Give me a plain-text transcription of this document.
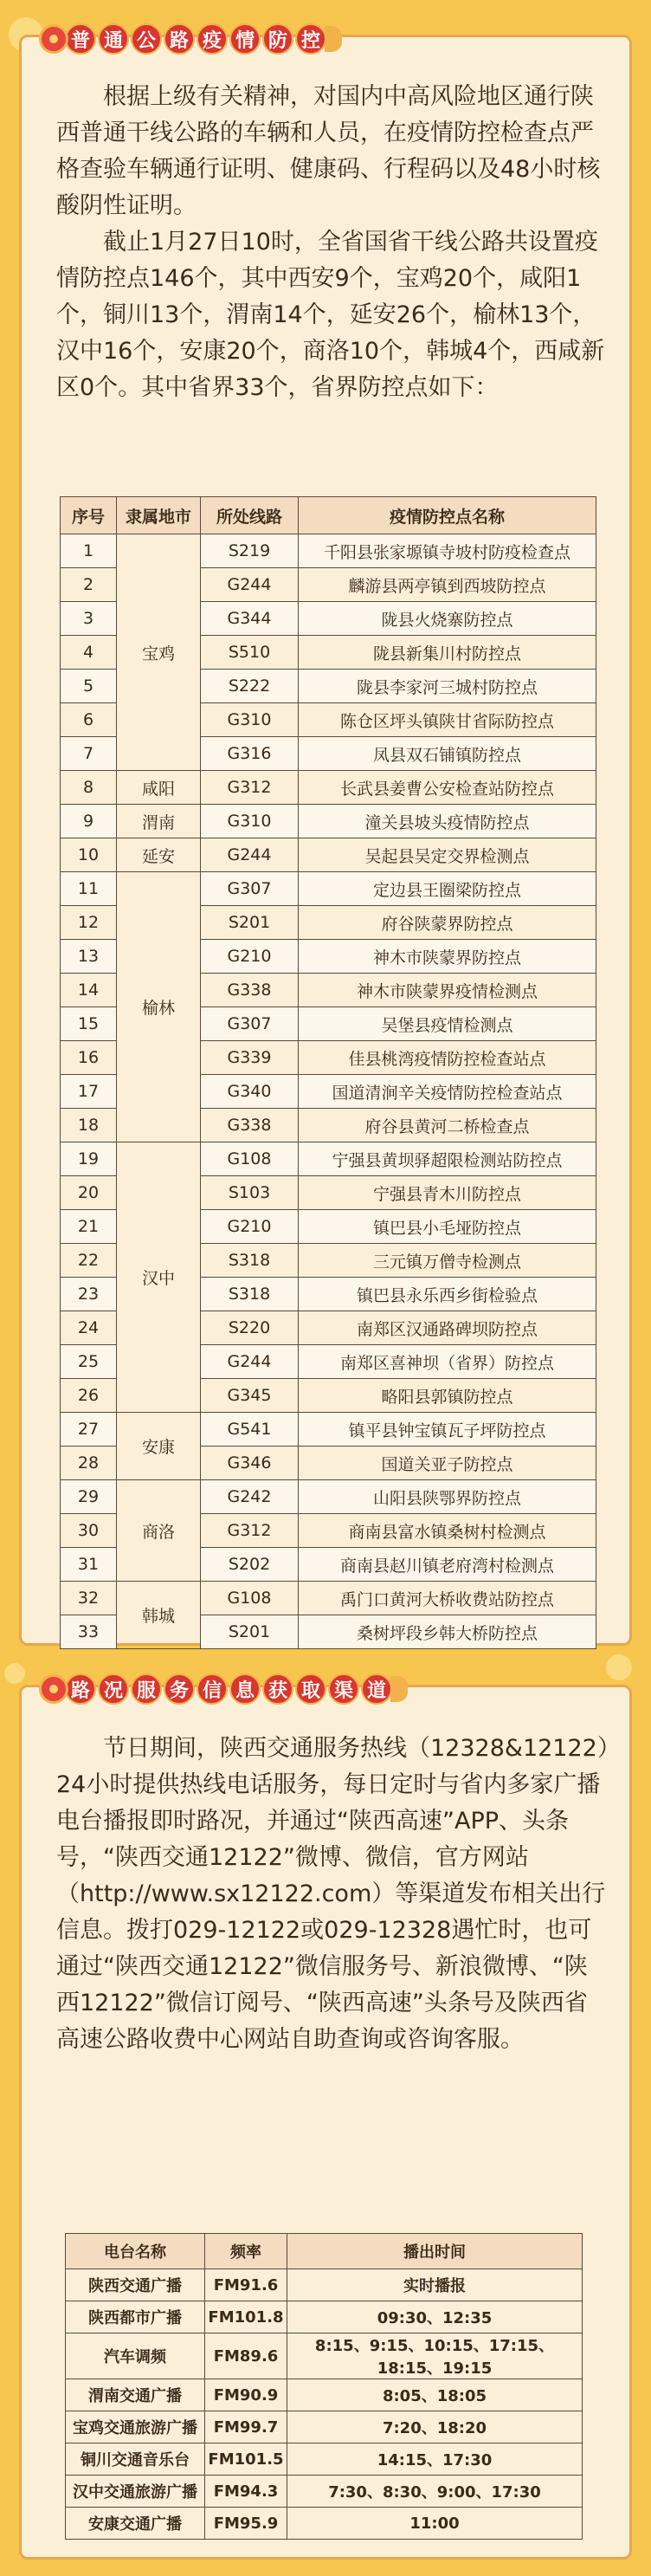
普 通 公 路 疫 情 防 控

根据上级有关精神，对国内中高风险地区通行陕西普通干线公路的车辆和人员，在疫情防控检查点严格查验车辆通行证明、健康码、行程码以及48小时核酸阴性证明。

截止1月27日10时，全省国省干线公路共设置疫情防控点146个，其中西安9个，宝鸡20个，咸阳1个，铜川13个，渭南14个，延安26个，榆林13个，汉中16个，安康20个，商洛10个，韩城4个，西咸新区0个。其中省界33个，省界防控点如下：

序号	隶属地市	所处线路	疫情防控点名称
1	宝鸡	S219	千阳县张家塬镇寺坡村防疫检查点
2		G244	麟游县两亭镇到西坡防控点
3		G344	陇县火烧寨防控点
4		S510	陇县新集川村防控点
5		S222	陇县李家河三城村防控点
6		G310	陈仓区坪头镇陕甘省际防控点
7		G316	凤县双石铺镇防控点
8	咸阳	G312	长武县姜曹公安检查站防控点
9	渭南	G310	潼关县坡头疫情防控点
10	延安	G244	吴起县吴定交界检测点
11	榆林	G307	定边县王圈梁防控点
12		S201	府谷陕蒙界防控点
13		G210	神木市陕蒙界防控点
14		G338	神木市陕蒙界疫情检测点
15		G307	吴堡县疫情检测点
16		G339	佳县桃湾疫情防控检查站点
17		G340	国道清涧辛关疫情防控检查站点
18		G338	府谷县黄河二桥检查点
19	汉中	G108	宁强县黄坝驿超限检测站防控点
20		S103	宁强县青木川防控点
21		G210	镇巴县小毛垭防控点
22		S318	三元镇万僧寺检测点
23		S318	镇巴县永乐西乡街检验点
24		S220	南郑区汉通路碑坝防控点
25		G244	南郑区喜神坝（省界）防控点
26		G345	略阳县郭镇防控点
27	安康	G541	镇平县钟宝镇瓦子坪防控点
28		G346	国道关亚子防控点
29	商洛	G242	山阳县陕鄂界防控点
30		G312	商南县富水镇桑树村检测点
31		S202	商南县赵川镇老府湾村检测点
32	韩城	G108	禹门口黄河大桥收费站防控点
33		S201	桑树坪段乡韩大桥防控点
路 况 服 务 信 息 获 取 渠 道

节日期间，陕西交通服务热线（12328&12122）24小时提供热线电话服务，每日定时与省内多家广播电台播报即时路况，并通过“陕西高速”APP、头条号，“陕西交通12122”微博、微信，官方网站（http://www.sx12122.com）等渠道发布相关出行信息。拨打029-12122或029-12328遇忙时，也可通过“陕西交通12122”微信服务号、新浪微博、“陕西12122”微信订阅号、“陕西高速”头条号及陕西省高速公路收费中心网站自助查询或咨询客服。

电台名称	频率	播出时间
陕西交通广播	FM91.6	实时播报
陕西都市广播	FM101.8	09:30、12:35
汽车调频	FM89.6	8:15、9:15、10:15、17:15、18:15、19:15
渭南交通广播	FM90.9	8:05、18:05
宝鸡交通旅游广播	FM99.7	7:20、18:20
铜川交通音乐台	FM101.5	14:15、17:30
汉中交通旅游广播	FM94.3	7:30、8:30、9:00、17:30
安康交通广播	FM95.9	11:00
